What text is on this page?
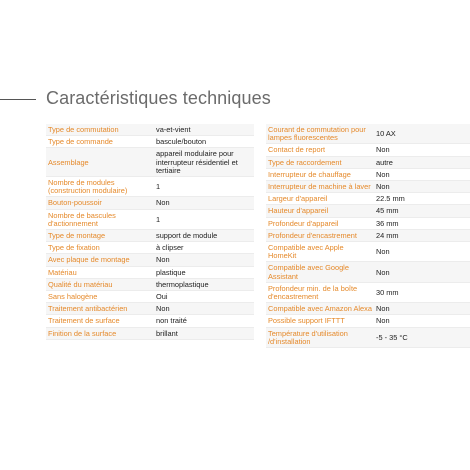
Caractéristiques techniques
Type de commutation	va-et-vient
Type de commande	bascule/bouton
Assemblage	appareil modulaire pour interrupteur résidentiel et tertiaire
Nombre de modules (construction modulaire)	1
Bouton-poussoir	Non
Nombre de bascules d'actionnement	1
Type de montage	support de module
Type de fixation	à clipser
Avec plaque de montage	Non
Matériau	plastique
Qualité du matériau	thermoplastique
Sans halogène	Oui
Traitement antibactérien	Non
Traitement de surface	non traité
Finition de la surface	brillant
Courant de commutation pour lampes fluorescentes	10 AX
Contact de report	Non
Type de raccordement	autre
Interrupteur de chauffage	Non
Interrupteur de machine à laver	Non
Largeur d'appareil	22.5 mm
Hauteur d'appareil	45 mm
Profondeur d'appareil	36 mm
Profondeur d'encastrement	24 mm
Compatible avec Apple HomeKit	Non
Compatible avec Google Assistant	Non
Profondeur min. de la boîte d'encastrement	30 mm
Compatible avec Amazon Alexa	Non
Possible support IFTTT	Non
Température d'utilisation /d'installation	-5 - 35 °C
